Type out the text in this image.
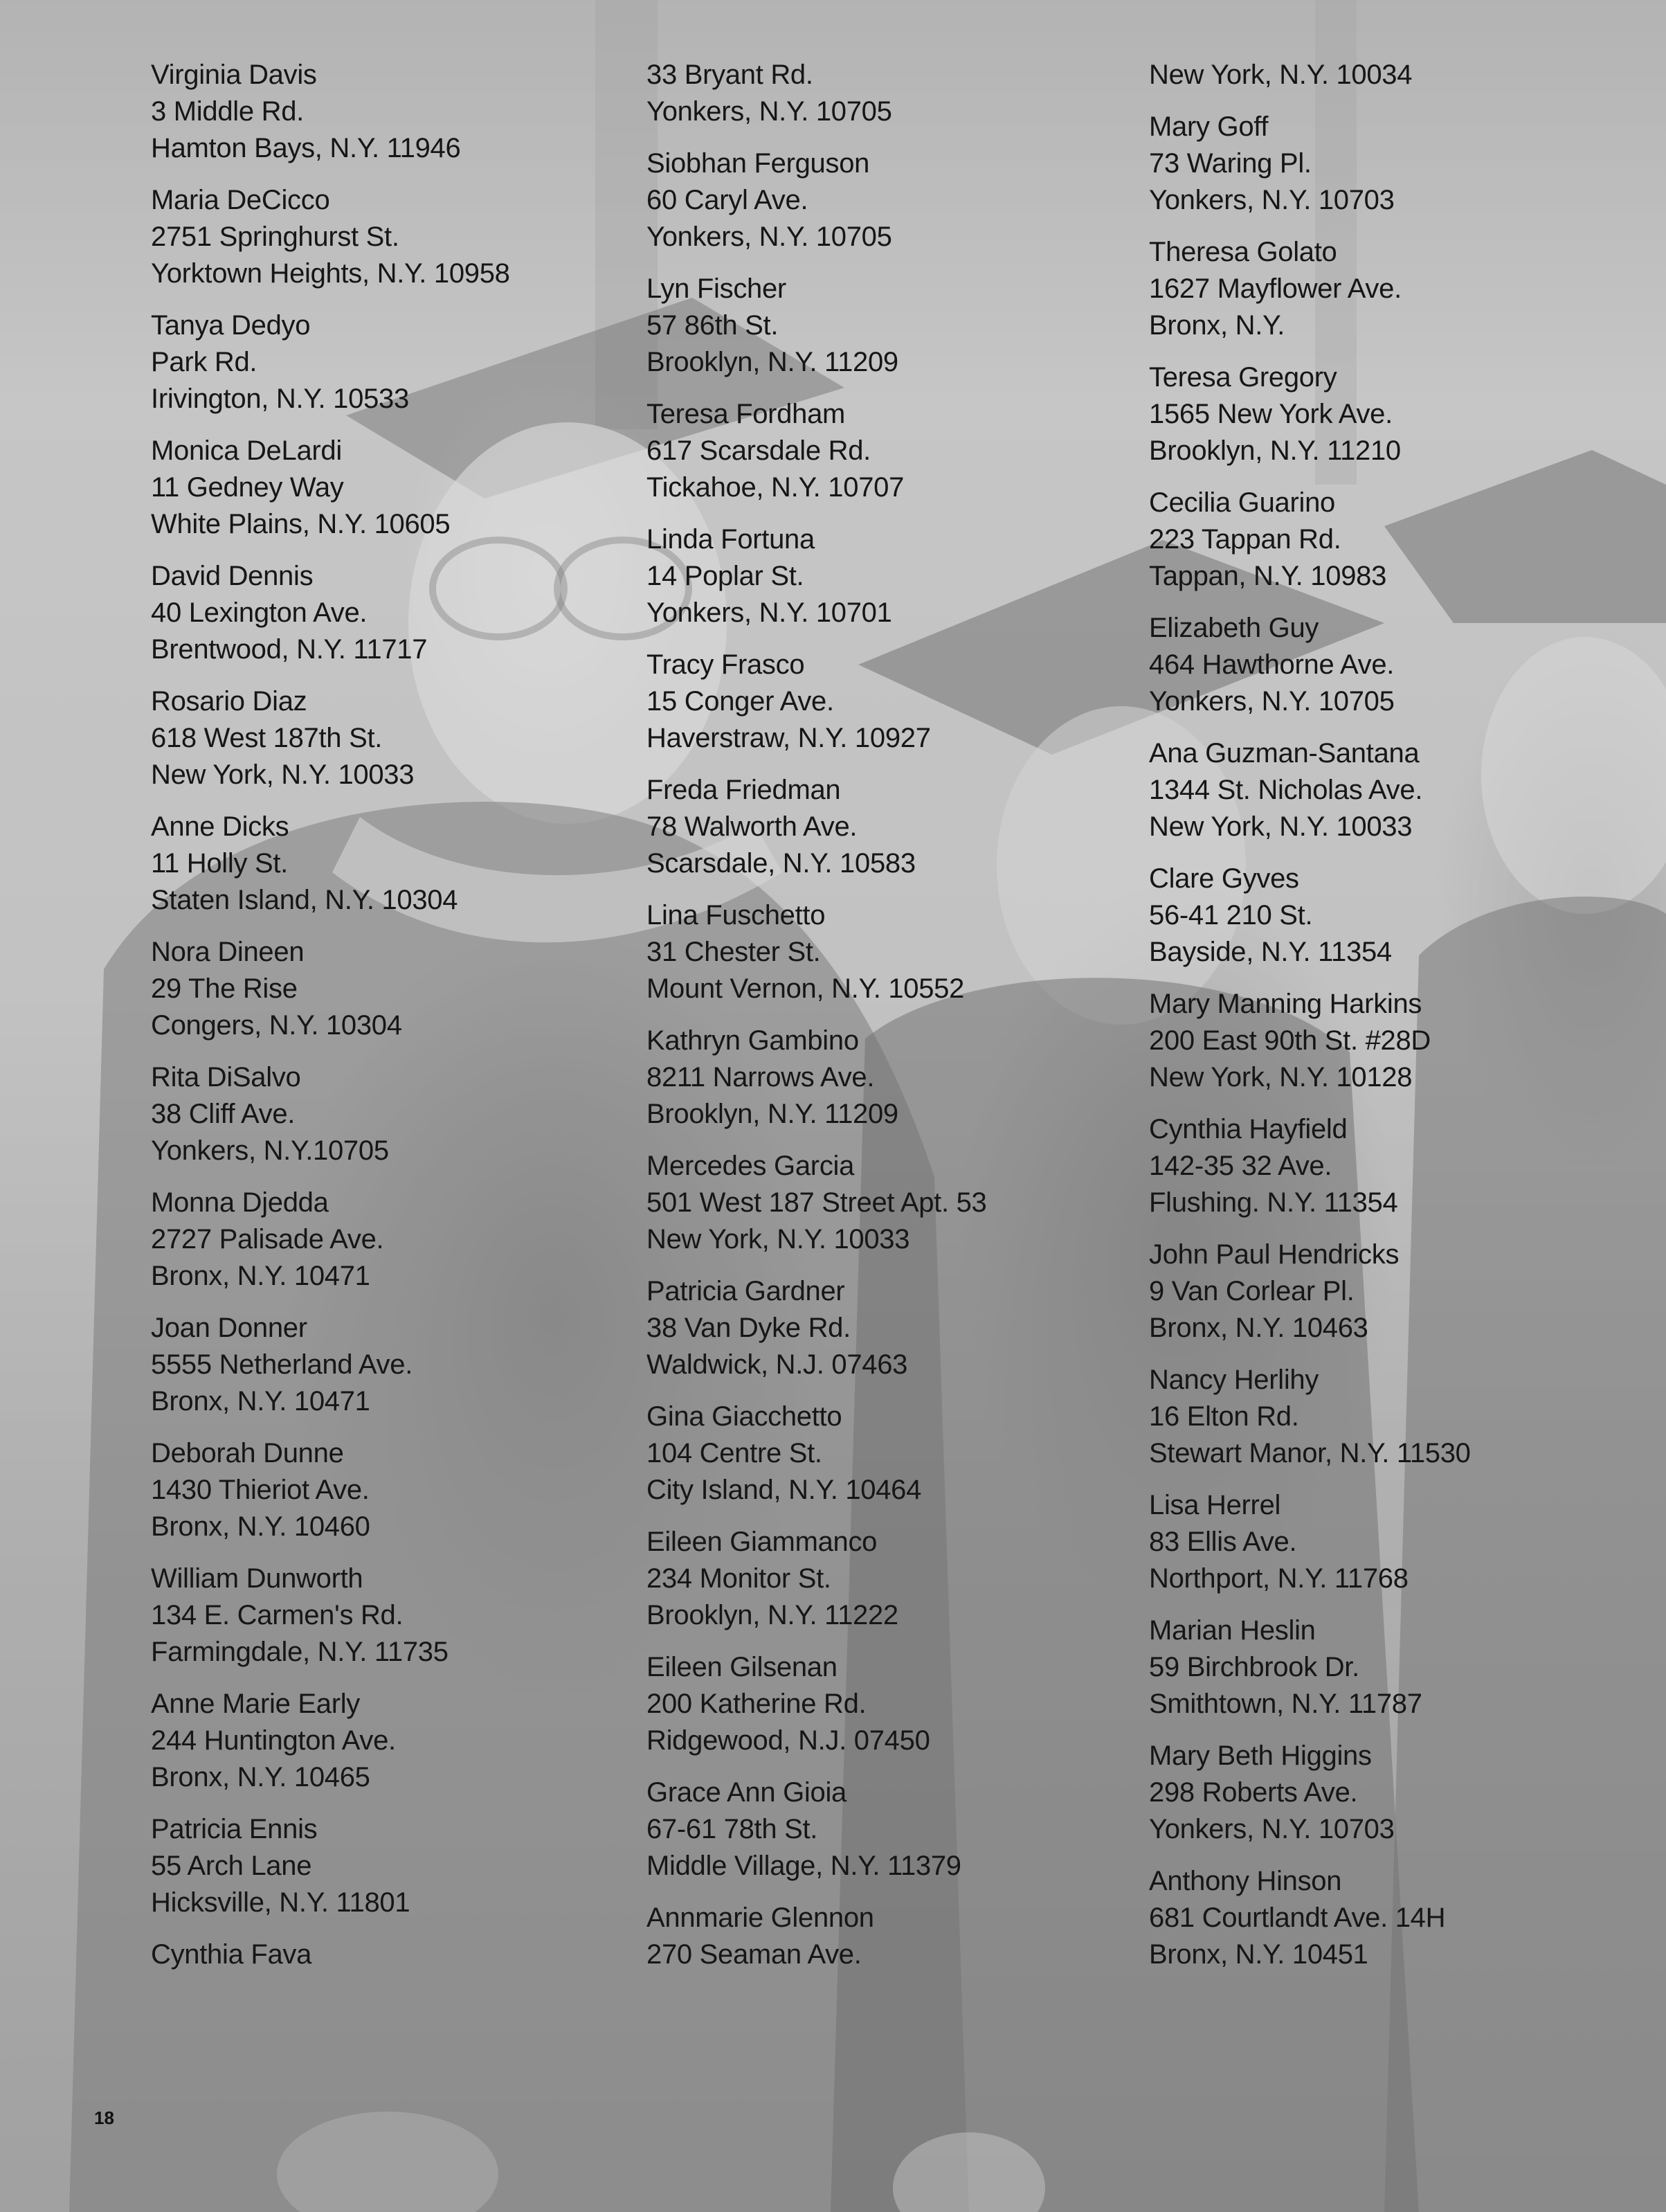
Virginia Davis
3 Middle Rd.
Hamton Bays, N.Y. 11946
Maria DeCicco
2751 Springhurst St.
Yorktown Heights, N.Y. 10958
Tanya Dedyo
Park Rd.
Irivington, N.Y. 10533
Monica DeLardi
11 Gedney Way
White Plains, N.Y. 10605
David Dennis
40 Lexington Ave.
Brentwood, N.Y. 11717
Rosario Diaz
618 West 187th St.
New York, N.Y. 10033
Anne Dicks
11 Holly St.
Staten Island, N.Y. 10304
Nora Dineen
29 The Rise
Congers, N.Y. 10304
Rita DiSalvo
38 Cliff Ave.
Yonkers, N.Y.10705
Monna Djedda
2727 Palisade Ave.
Bronx, N.Y. 10471
Joan Donner
5555 Netherland Ave.
Bronx, N.Y. 10471
Deborah Dunne
1430 Thieriot Ave.
Bronx, N.Y. 10460
William Dunworth
134 E. Carmen's Rd.
Farmingdale, N.Y. 11735
Anne Marie Early
244 Huntington Ave.
Bronx, N.Y. 10465
Patricia Ennis
55 Arch Lane
Hicksville, N.Y. 11801
Cynthia Fava
33 Bryant Rd.
Yonkers, N.Y. 10705
Siobhan Ferguson
60 Caryl Ave.
Yonkers, N.Y. 10705
Lyn Fischer
57 86th St.
Brooklyn, N.Y. 11209
Teresa Fordham
617 Scarsdale Rd.
Tickahoe, N.Y. 10707
Linda Fortuna
14 Poplar St.
Yonkers, N.Y. 10701
Tracy Frasco
15 Conger Ave.
Haverstraw, N.Y. 10927
Freda Friedman
78 Walworth Ave.
Scarsdale, N.Y. 10583
Lina Fuschetto
31 Chester St.
Mount Vernon, N.Y. 10552
Kathryn Gambino
8211 Narrows Ave.
Brooklyn, N.Y. 11209
Mercedes Garcia
501 West 187 Street Apt. 53
New York, N.Y. 10033
Patricia Gardner
38 Van Dyke Rd.
Waldwick, N.J. 07463
Gina Giacchetto
104 Centre St.
City Island, N.Y. 10464
Eileen Giammanco
234 Monitor St.
Brooklyn, N.Y. 11222
Eileen Gilsenan
200 Katherine Rd.
Ridgewood, N.J. 07450
Grace Ann Gioia
67-61 78th St.
Middle Village, N.Y. 11379
Annmarie Glennon
270 Seaman Ave.
New York, N.Y. 10034
Mary Goff
73 Waring Pl.
Yonkers, N.Y. 10703
Theresa Golato
1627 Mayflower Ave.
Bronx, N.Y.
Teresa Gregory
1565 New York Ave.
Brooklyn, N.Y. 11210
Cecilia Guarino
223 Tappan Rd.
Tappan, N.Y. 10983
Elizabeth Guy
464 Hawthorne Ave.
Yonkers, N.Y. 10705
Ana Guzman-Santana
1344 St. Nicholas Ave.
New York, N.Y. 10033
Clare Gyves
56-41 210 St.
Bayside, N.Y. 11354
Mary Manning Harkins
200 East 90th St. #28D
New York, N.Y. 10128
Cynthia Hayfield
142-35 32 Ave.
Flushing. N.Y. 11354
John Paul Hendricks
9 Van Corlear Pl.
Bronx, N.Y. 10463
Nancy Herlihy
16 Elton Rd.
Stewart Manor, N.Y. 11530
Lisa Herrel
83 Ellis Ave.
Northport, N.Y. 11768
Marian Heslin
59 Birchbrook Dr.
Smithtown, N.Y. 11787
Mary Beth Higgins
298 Roberts Ave.
Yonkers, N.Y. 10703
Anthony Hinson
681 Courtlandt Ave. 14H
Bronx, N.Y. 10451
18
